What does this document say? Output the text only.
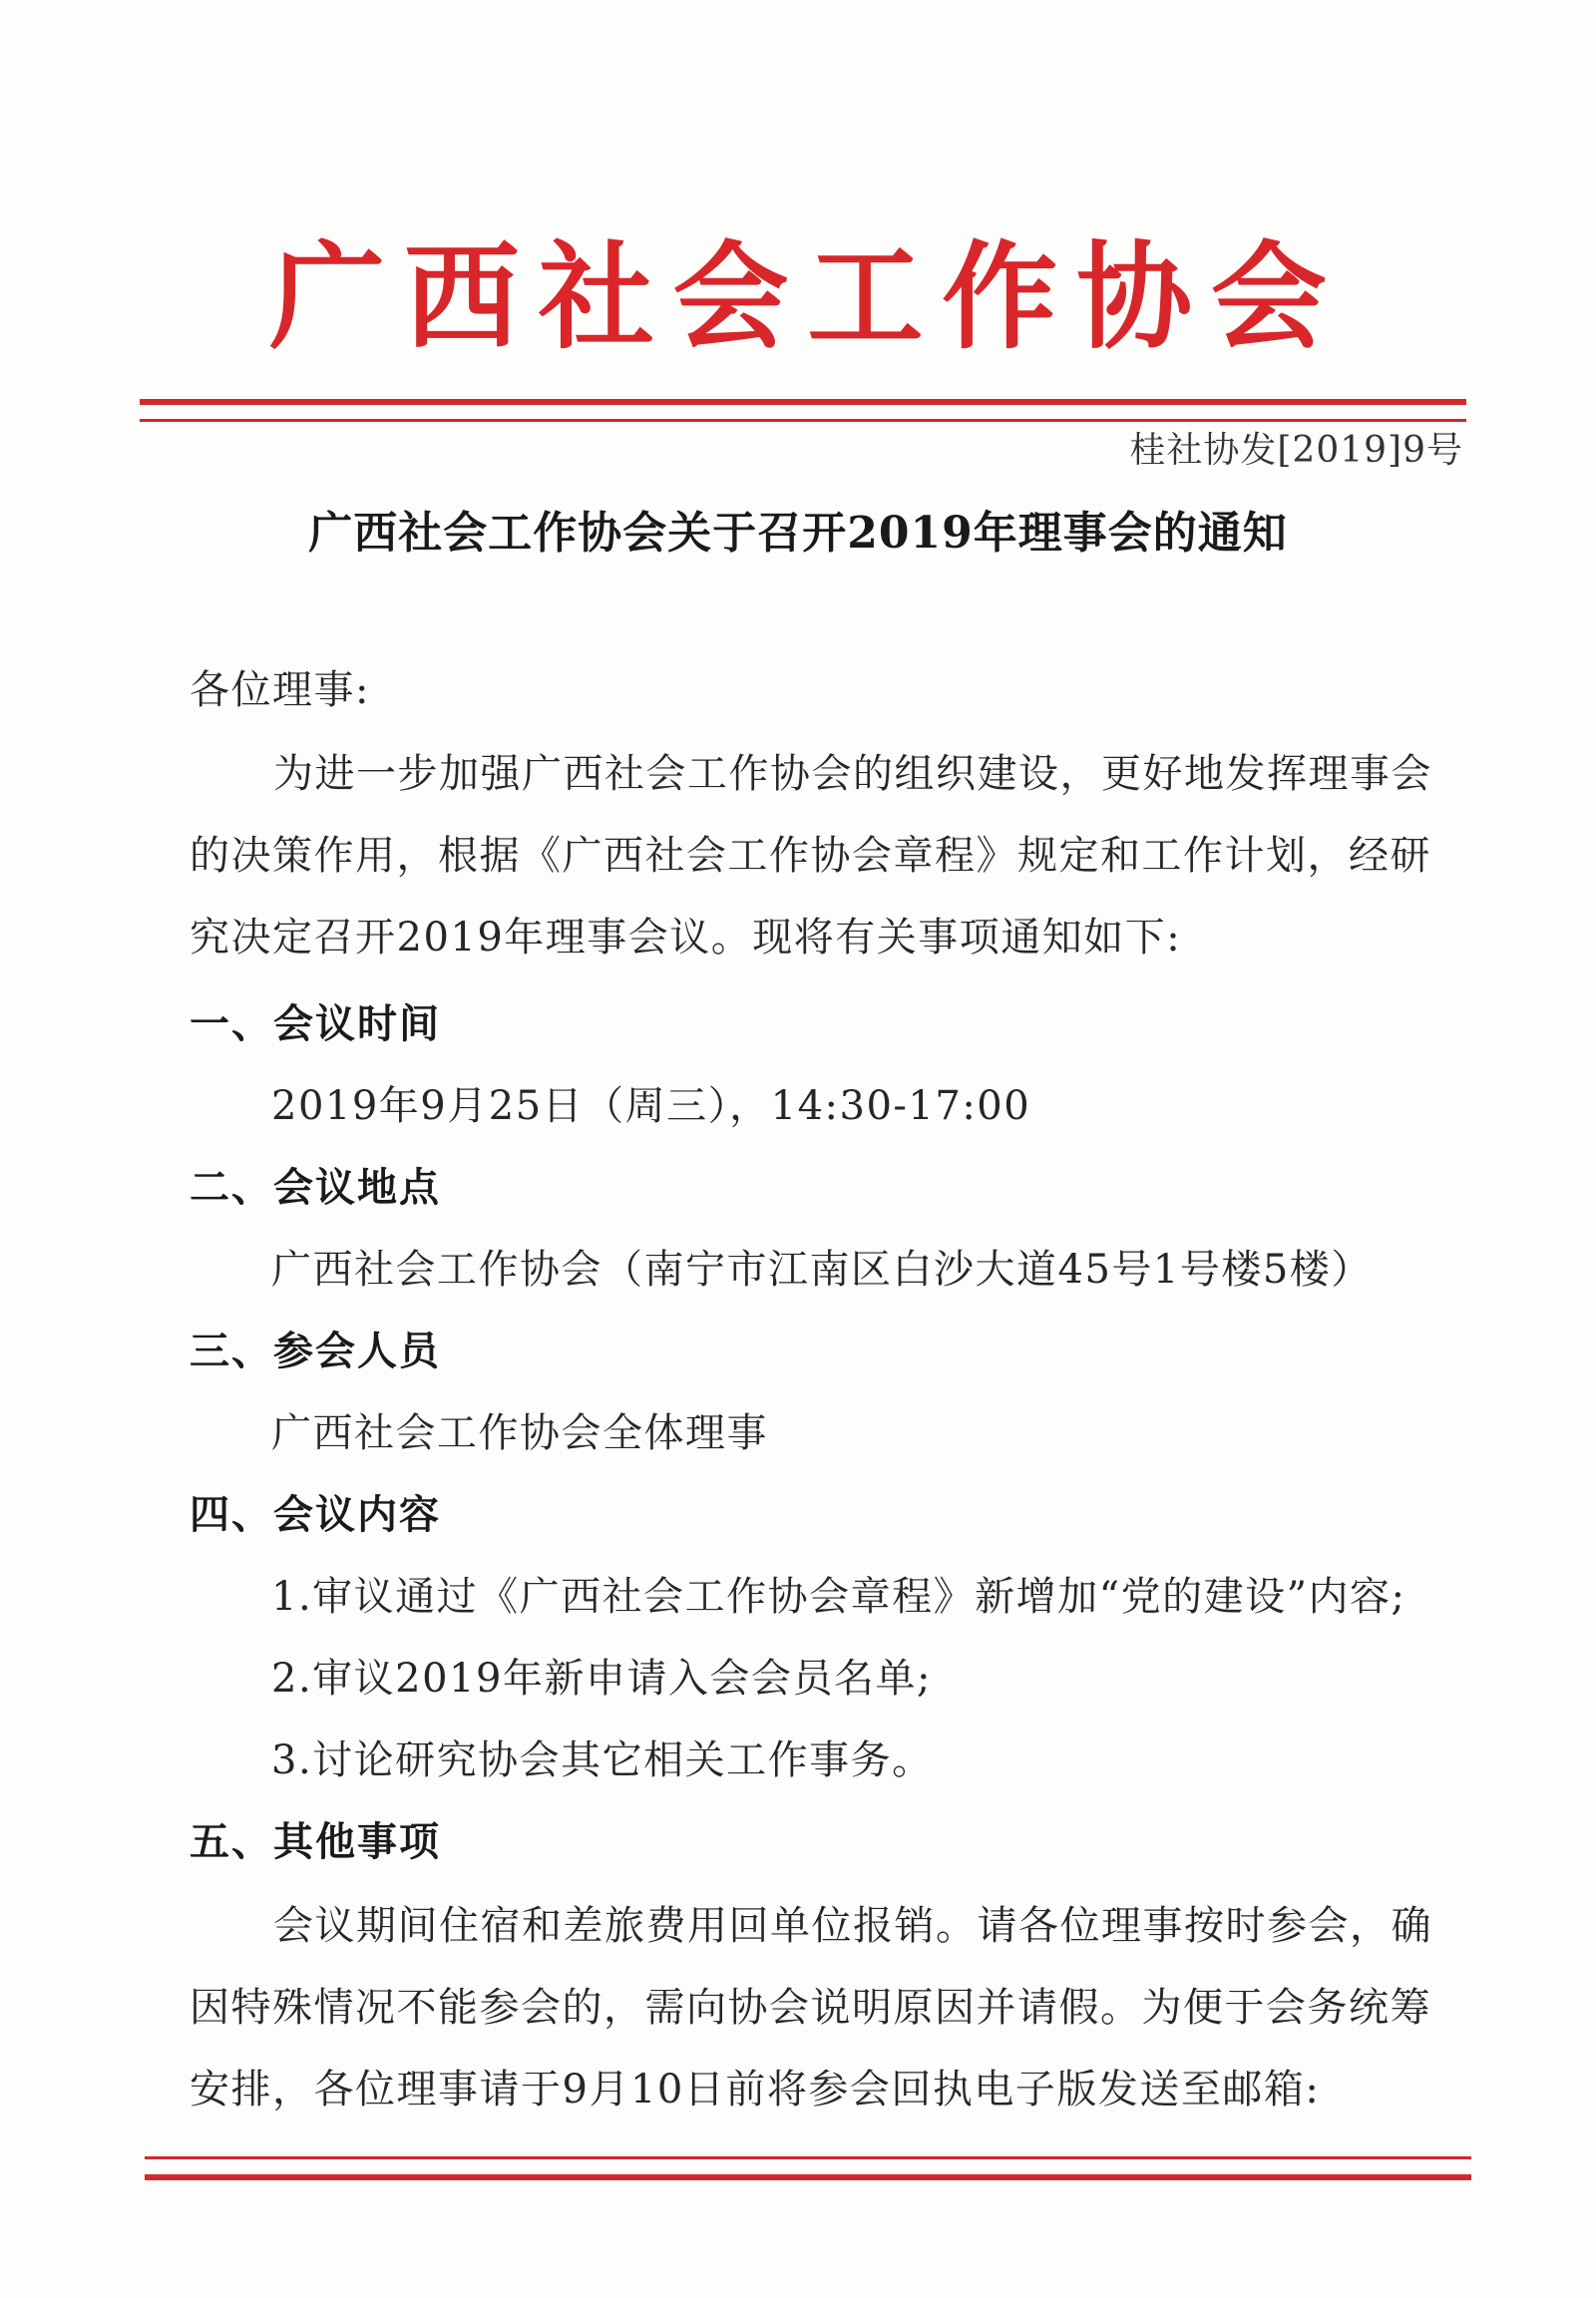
广 西 社 会 工 作 协 会
桂社协发[2019]9号
广西社会工作协会关于召开2019年理事会的通知
各位理事:
为进一步加强广西社会工作协会的组织建设，更好地发挥理事会的决策作用，根据《广西社会工作协会章程》规定和工作计划，经研究决定召开2019年理事会议。现将有关事项通知如下:
一、会议时间
2019年9月25日（周三），14:30-17:00
二、会议地点
广西社会工作协会（南宁市江南区白沙大道45号1号楼5楼）
三、参会人员
广西社会工作协会全体理事
四、会议内容
1.审议通过《广西社会工作协会章程》新增加“党的建设”内容;
2.审议2019年新申请入会会员名单;
3.讨论研究协会其它相关工作事务。
五、其他事项
会议期间住宿和差旅费用回单位报销。请各位理事按时参会，确因特殊情况不能参会的，需向协会说明原因并请假。为便于会务统筹安排，各位理事请于9月10日前将参会回执电子版发送至邮箱:
